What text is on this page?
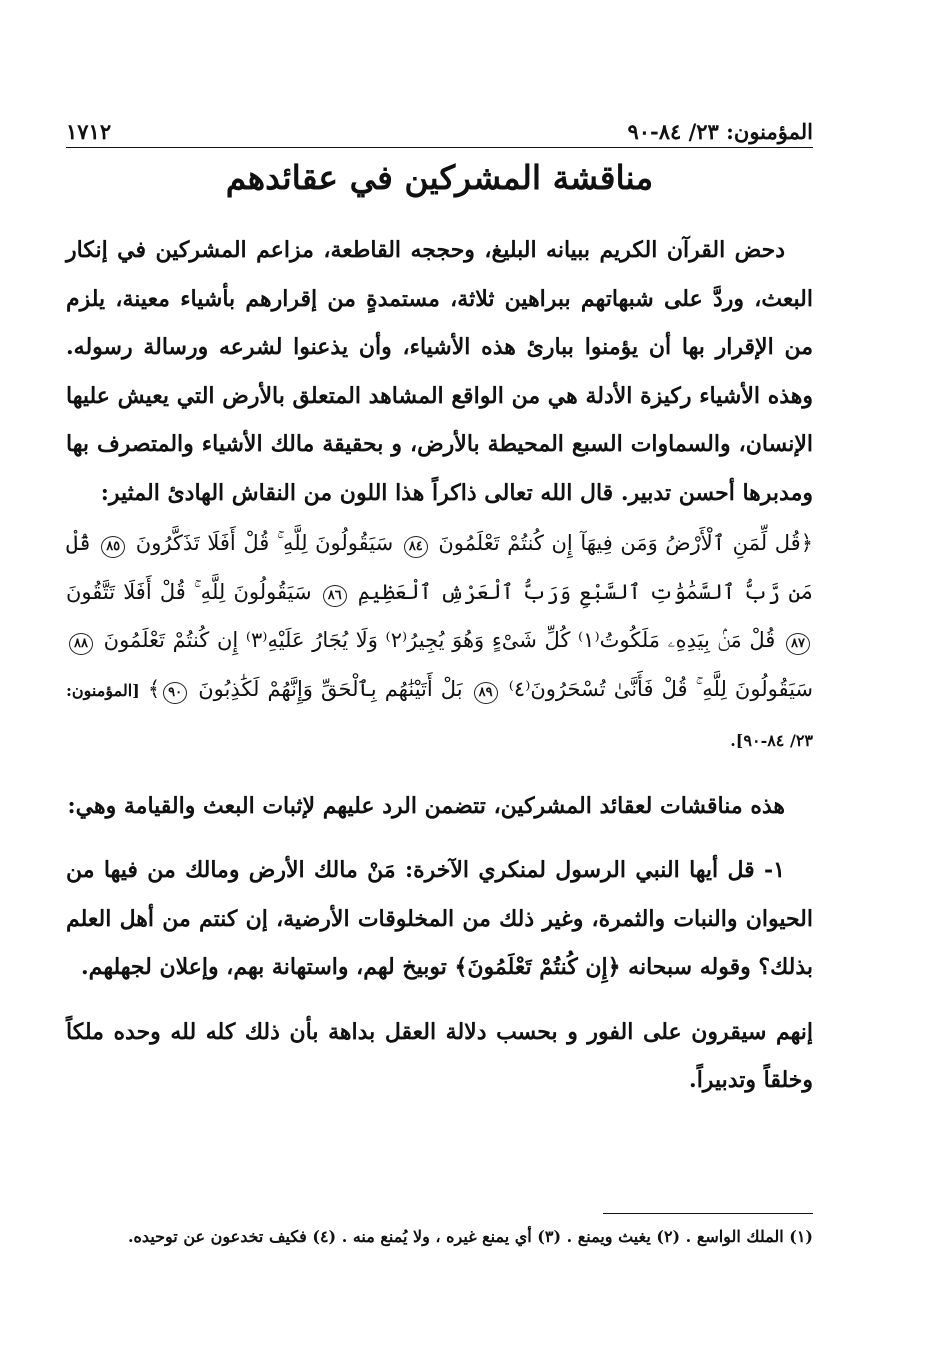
المؤمنون: ٢٣/ ٨٤-٩٠
١٧١٢
مناقشة المشركين في عقائدهم

دحض القرآن الكريم ببيانه البليغ، وحججه القاطعة، مزاعم المشركين في إنكار البعث، وردَّ على شبهاتهم ببراهين ثلاثة، مستمدةٍ من إقرارهم بأشياء معينة، يلزم من الإقرار بها أن يؤمنوا ببارئ هذه الأشياء، وأن يذعنوا لشرعه ورسالة رسوله. وهذه الأشياء ركيزة الأدلة هي من الواقع المشاهد المتعلق بالأرض التي يعيش عليها الإنسان، والسماوات السبع المحيطة بالأرض، و بحقيقة مالك الأشياء والمتصرف بها ومدبرها أحسن تدبير. قال الله تعالى ذاكراً هذا اللون من النقاش الهادئ المثير:

﴿قُل لِّمَنِ ٱلْأَرْضُ وَمَن فِيهَآ إِن كُنتُمْ تَعْلَمُونَ ٨٤ سَيَقُولُونَ لِلَّهِ ۚ قُلْ أَفَلَا تَذَكَّرُونَ ٨٥ قُلْ مَن رَّبُّ ٱلسَّمَٰوَٰتِ ٱلسَّبْعِ وَرَبُّ ٱلْعَرْشِ ٱلْعَظِيمِ ٨٦ سَيَقُولُونَ لِلَّهِ ۚ قُلْ أَفَلَا تَتَّقُونَ ٨٧ قُلْ مَنۢ بِيَدِهِۦ مَلَكُوتُ⁽١⁾ كُلِّ شَىْءٍ وَهُوَ يُجِيرُ⁽٢⁾ وَلَا يُجَارُ عَلَيْهِ⁽٣⁾ إِن كُنتُمْ تَعْلَمُونَ ٨٨ سَيَقُولُونَ لِلَّهِ ۚ قُلْ فَأَنَّىٰ تُسْحَرُونَ⁽٤⁾ ٨٩ بَلْ أَتَيْنَٰهُم بِٱلْحَقِّ وَإِنَّهُمْ لَكَٰذِبُونَ ٩٠﴾ [المؤمنون: ٢٣/ ٨٤-٩٠].

هذه مناقشات لعقائد المشركين، تتضمن الرد عليهم لإثبات البعث والقيامة وهي:

١- قل أيها النبي الرسول لمنكري الآخرة: مَنْ مالك الأرض ومالك من فيها من الحيوان والنبات والثمرة، وغير ذلك من المخلوقات الأرضية، إن كنتم من أهل العلم بذلك؟ وقوله سبحانه ﴿إِن كُنتُمْ تَعْلَمُونَ﴾ توبيخ لهم، واستهانة بهم، وإعلان لجهلهم.

إنهم سيقرون على الفور و بحسب دلالة العقل بداهة بأن ذلك كله لله وحده ملكاً وخلقاً وتدبيراً.

(١) الملك الواسع . (٢) يغيث ويمنع . (٣) أي يمنع غيره ، ولا يُمنع منه . (٤) فكيف تخدعون عن توحيده.
